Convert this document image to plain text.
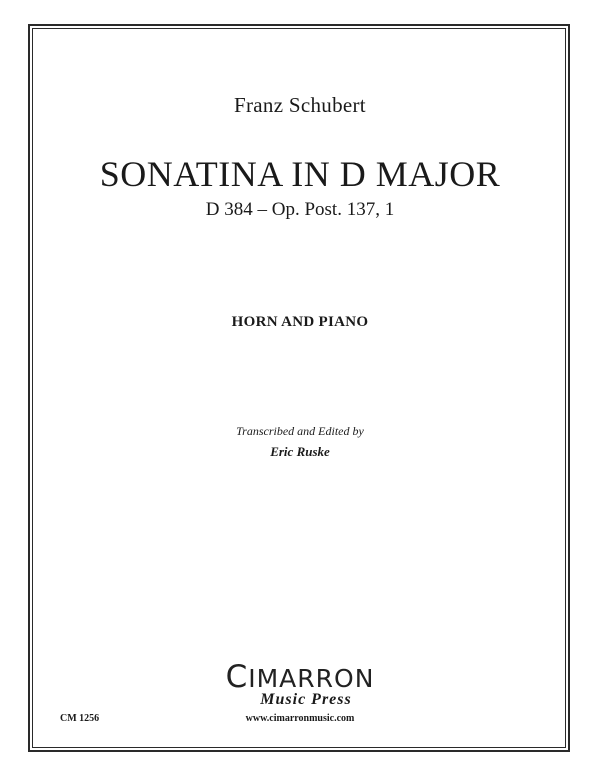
Franz Schubert
SONATINA IN D MAJOR
D 384 – Op. Post. 137, 1
HORN AND PIANO
Transcribed and Edited by
Eric Ruske
CIMARRON
Music Press
www.cimarronmusic.com
CM 1256
